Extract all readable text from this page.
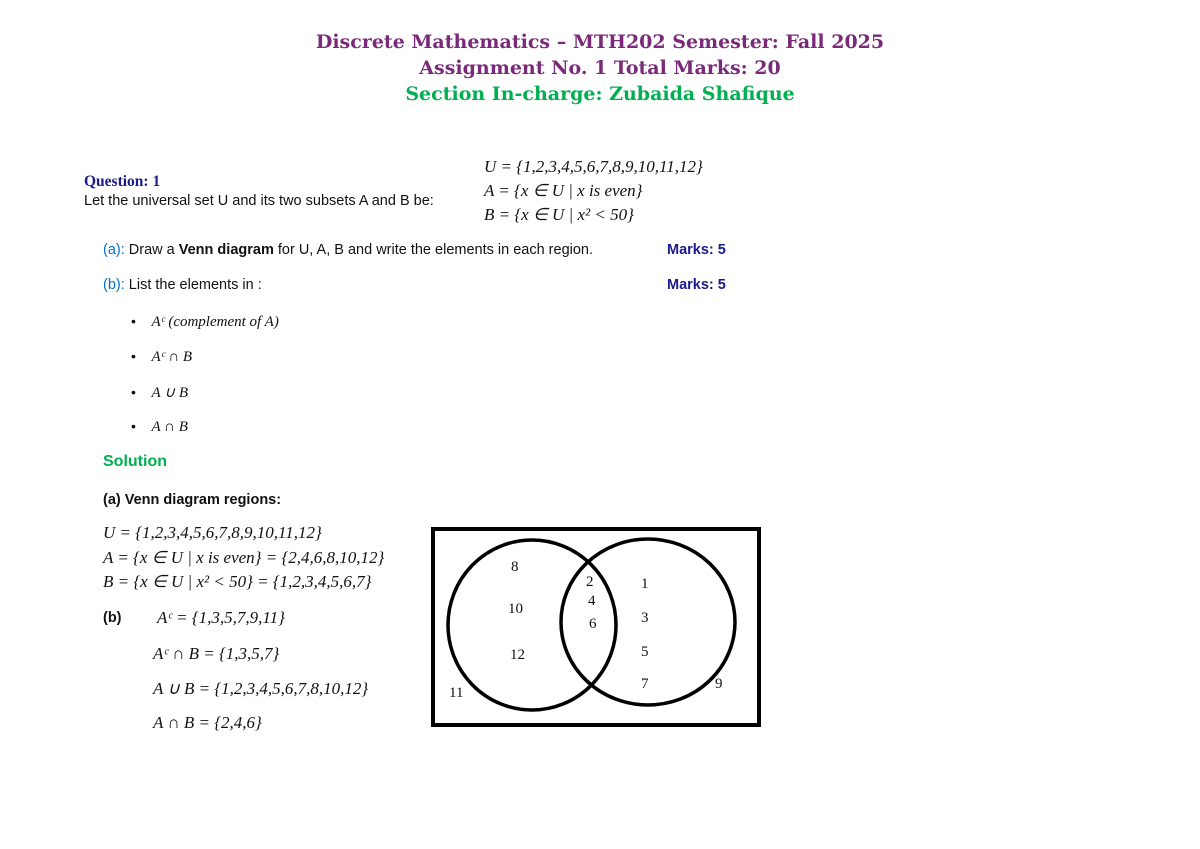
Discrete Mathematics – MTH202 Semester: Fall 2025
Assignment No. 1 Total Marks: 20
Section In-charge: Zubaida Shafique
Question: 1
Let the universal set U and its two subsets A and B be:
U = {1,2,3,4,5,6,7,8,9,10,11,12}
A = {x ∈ U | x is even}
B = {x ∈ U | x² < 50}
(a): Draw a Venn diagram for U, A, B and write the elements in each region.	Marks: 5
(b): List the elements in :	Marks: 5
•    Aᶜ (complement of A)
•    Aᶜ ∩ B
•    A ∪ B
•    A ∩ B
Solution
(a) Venn diagram regions:
U = {1,2,3,4,5,6,7,8,9,10,11,12}
A = {x ∈ U | x is even} = {2,4,6,8,10,12}
B = {x ∈ U | x² < 50} = {1,2,3,4,5,6,7}
(b) Aᶜ = {1,3,5,7,9,11}
Aᶜ ∩ B = {1,3,5,7}
A ∪ B = {1,2,3,4,5,6,7,8,10,12}
A ∩ B = {2,4,6}
8
10
12
2
4
6
1
3
5
7
11
9
